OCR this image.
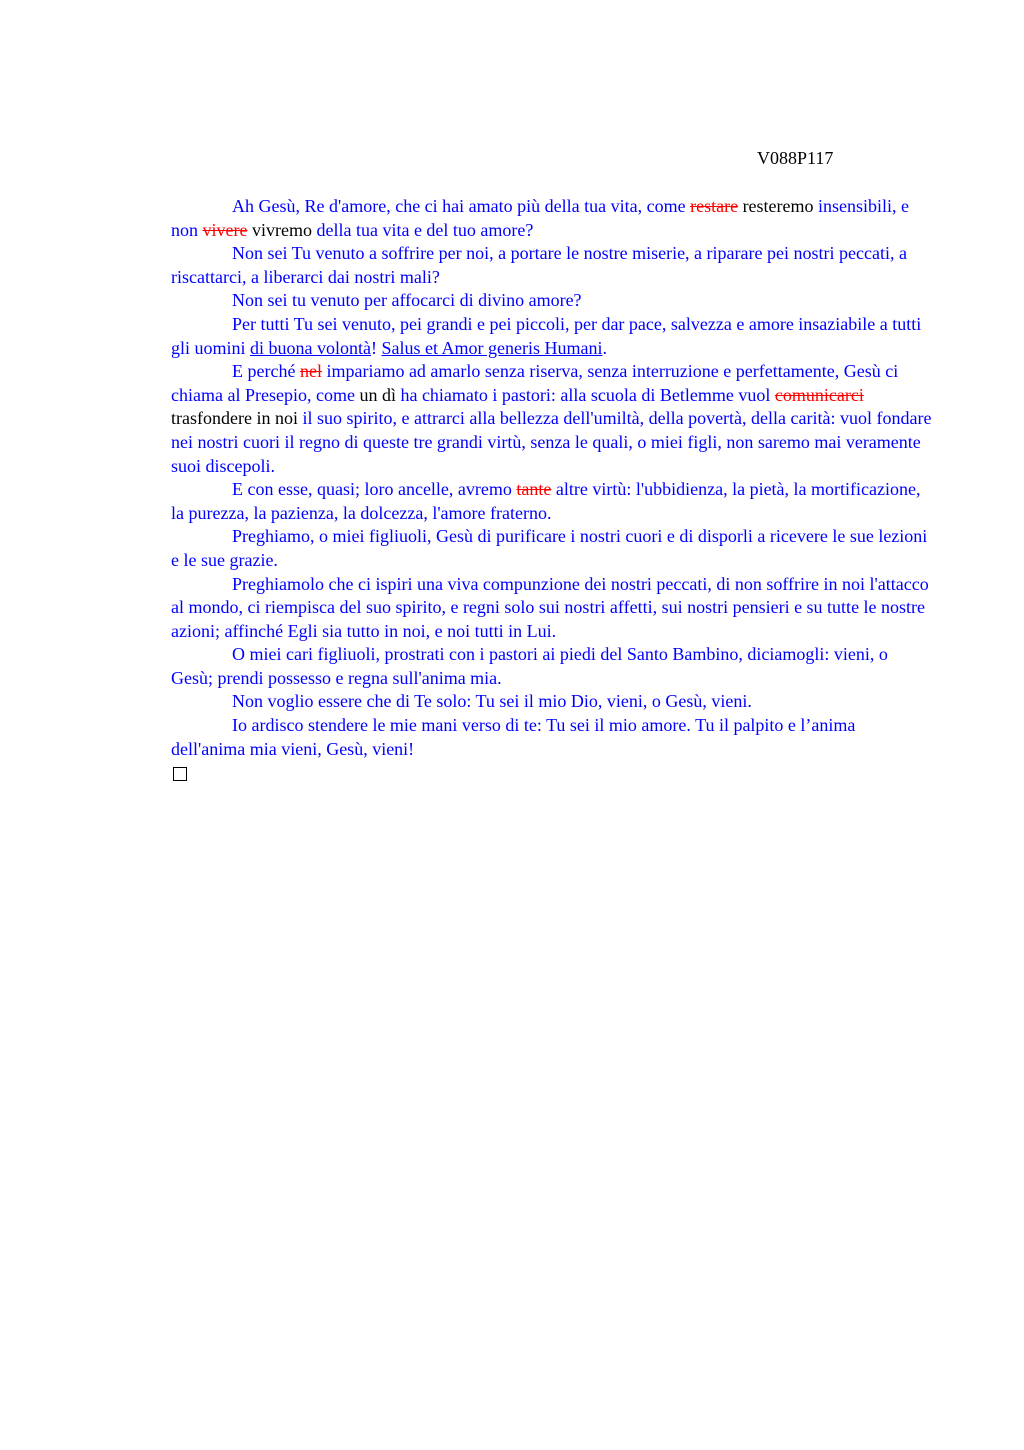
V088P117

Ah Gesù, Re d'amore, che ci hai amato più della tua vita, come restare resteremo insensibili, e non vivere vivremo della tua vita e del tuo amore?

Non sei Tu venuto a soffrire per noi, a portare le nostre miserie, a riparare pei nostri peccati, a riscattarci, a liberarci dai nostri mali?

Non sei tu venuto per affocarci di divino amore?

Per tutti Tu sei venuto, pei grandi e pei piccoli, per dar pace, salvezza e amore insaziabile a tutti gli uomini di buona volontà! Salus et Amor generis Humani.

E perché nel impariamo ad amarlo senza riserva, senza interruzione e perfettamente, Gesù ci chiama al Presepio, come un dì ha chiamato i pastori: alla scuola di Betlemme vuol comunicarci trasfondere in noi il suo spirito, e attrarci alla bellezza dell'umiltà, della povertà, della carità: vuol fondare nei nostri cuori il regno di queste tre grandi virtù, senza le quali, o miei figli, non saremo mai veramente suoi discepoli.

E con esse, quasi; loro ancelle, avremo tante altre virtù: l'ubbidienza, la pietà, la mortificazione, la purezza, la pazienza, la dolcezza, l'amore fraterno.

Preghiamo, o miei figliuoli, Gesù di purificare i nostri cuori e di disporli a ricevere le sue lezioni e le sue grazie.

Preghiamolo che ci ispiri una viva compunzione dei nostri peccati, di non soffrire in noi l'attacco al mondo, ci riempisca del suo spirito, e regni solo sui nostri affetti, sui nostri pensieri e su tutte le nostre azioni; affinché Egli sia tutto in noi, e noi tutti in Lui.

O miei cari figliuoli, prostrati con i pastori ai piedi del Santo Bambino, diciamogli: vieni, o Gesù; prendi possesso e regna sull'anima mia.

Non voglio essere che di Te solo: Tu sei il mio Dio, vieni, o Gesù, vieni.

Io ardisco stendere le mie mani verso di te: Tu sei il mio amore. Tu il palpito e l’anima dell'anima mia vieni, Gesù, vieni!
